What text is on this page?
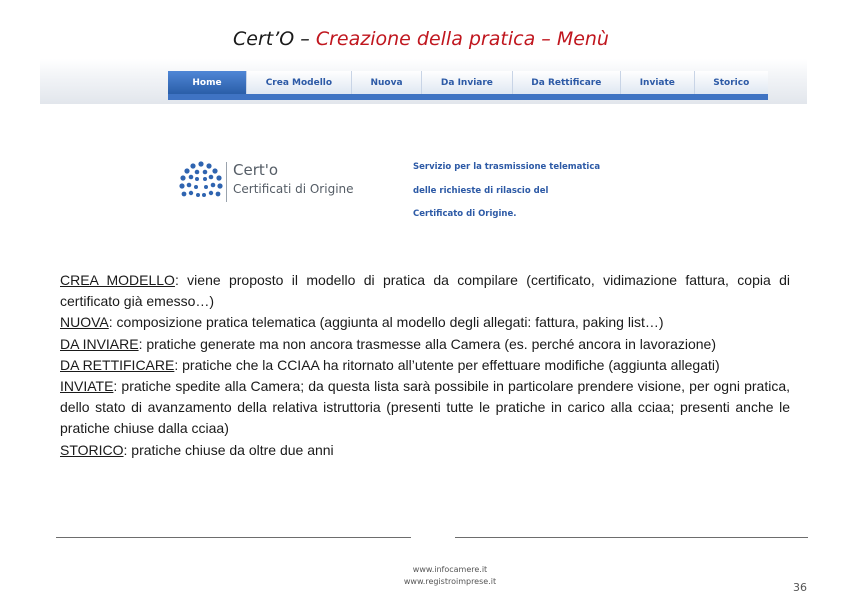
Cert’O – Creazione della pratica – Menù
Home	Crea Modello	Nuova	Da Inviare	Da Rettificare	Inviate	Storico
Cert'o
Certificati di Origine
Servizio per la trasmissione telematica
delle richieste di rilascio del
Certificato di Origine.

CREA MODELLO: viene proposto il modello di pratica da compilare (certificato, vidimazione fattura, copia di certificato già emesso…)

NUOVA: composizione pratica telematica (aggiunta al modello degli allegati: fattura, paking list…)

DA INVIARE: pratiche generate ma non ancora trasmesse alla Camera (es. perché ancora in lavorazione)

DA RETTIFICARE: pratiche che la CCIAA ha ritornato all’utente per effettuare modifiche (aggiunta allegati)

INVIATE: pratiche spedite alla Camera; da questa lista sarà possibile in particolare prendere visione, per ogni pratica, dello stato di avanzamento della relativa istruttoria (presenti tutte le pratiche in carico alla cciaa; presenti anche le pratiche chiuse dalla cciaa)

STORICO: pratiche chiuse da oltre due anni

www.infocamere.it
www.registroimprese.it	36
